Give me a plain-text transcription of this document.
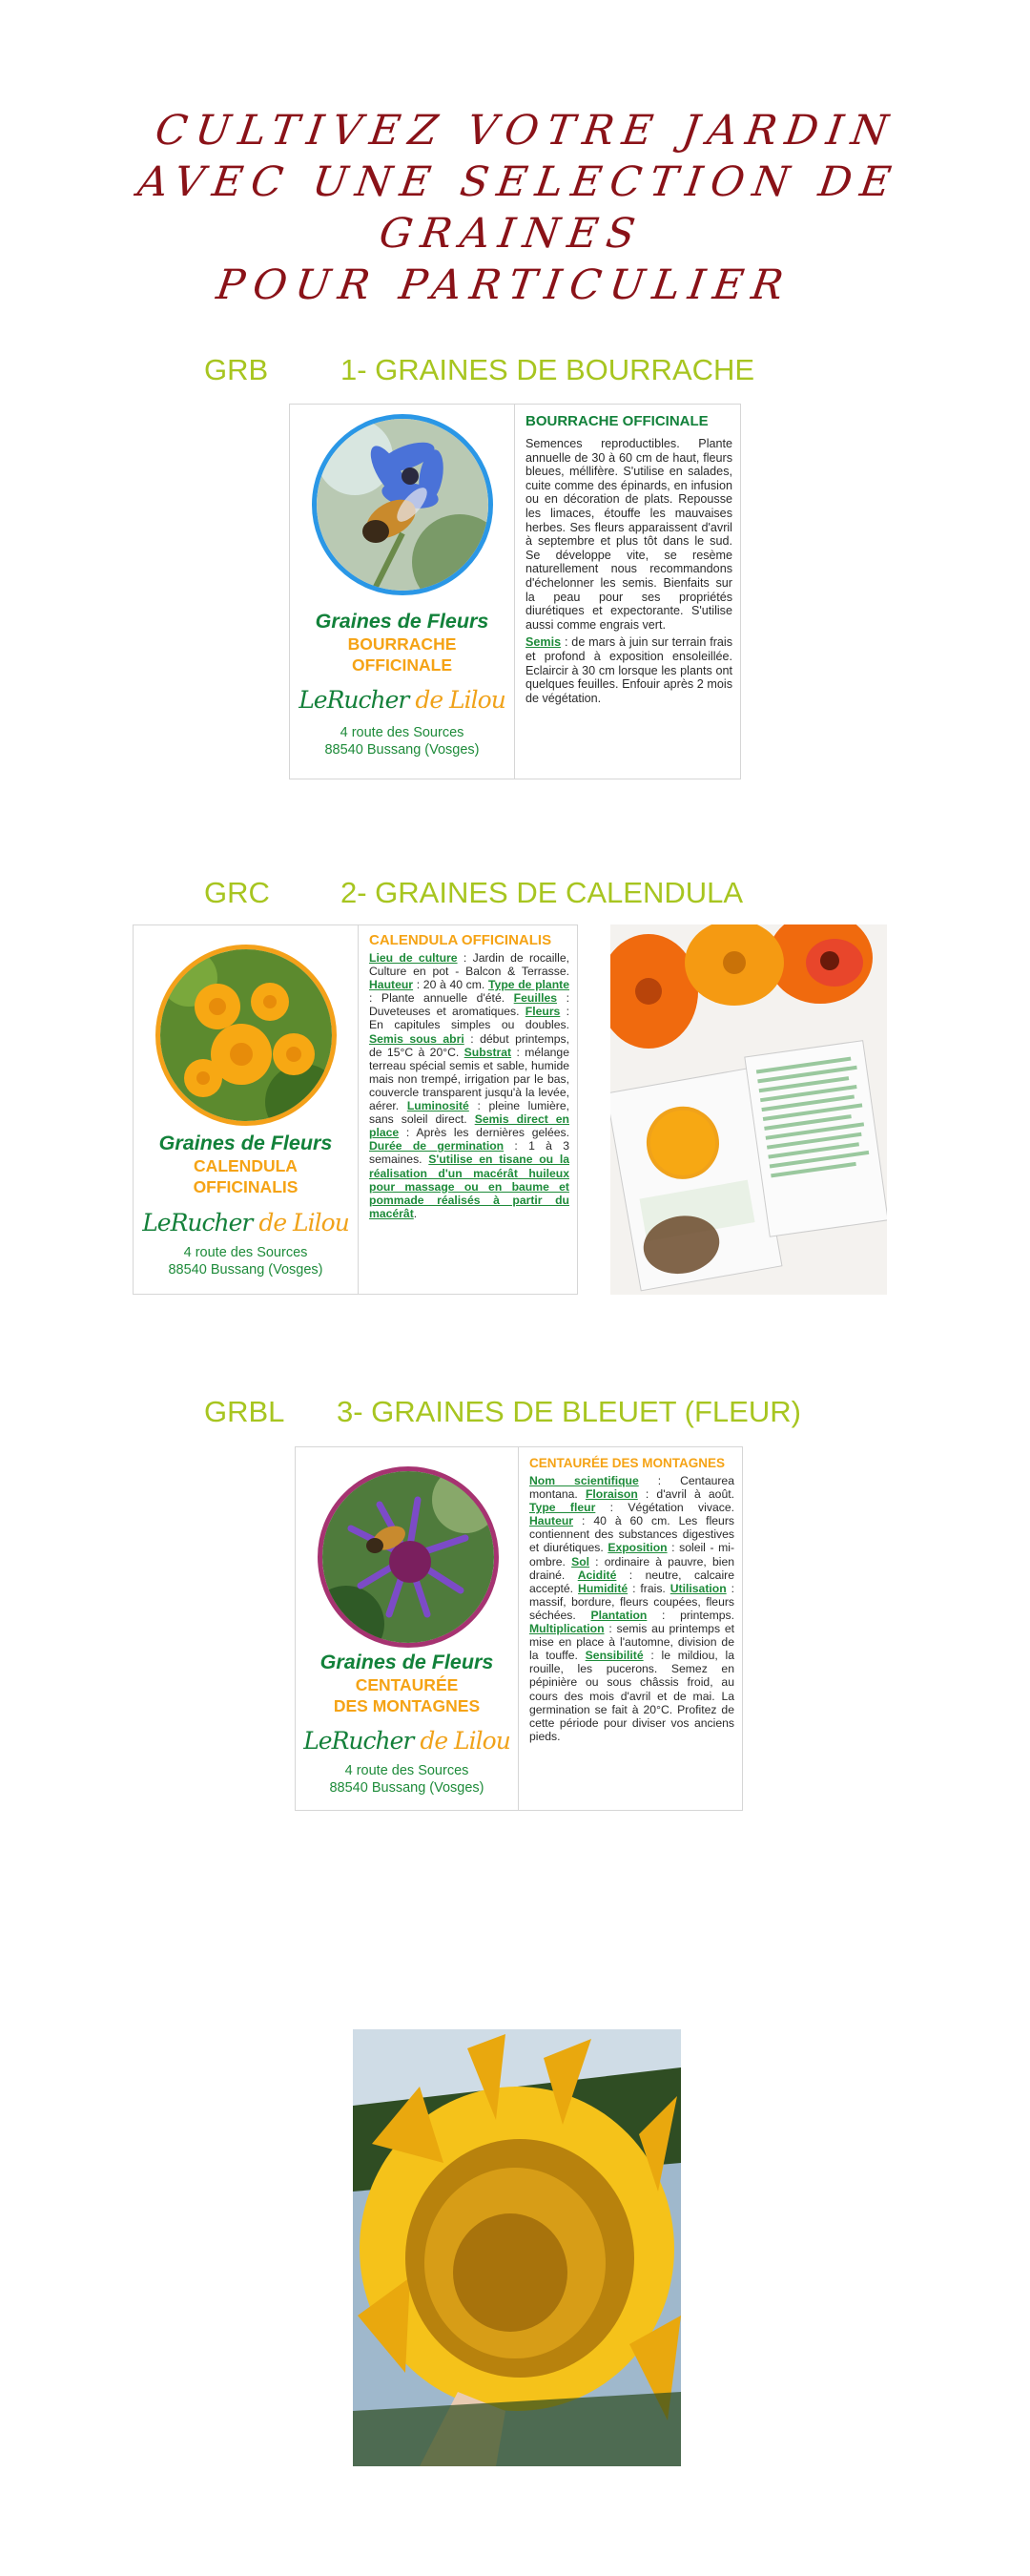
CULTIVEZ VOTRE JARDIN
AVEC UNE SELECTION DE GRAINES
POUR PARTICULIER
GRB 1- GRAINES DE BOURRACHE
Graines de Fleurs
BOURRACHE
OFFICINALE
LeRucher de Lilou
4 route des Sources
88540 Bussang (Vosges)
BOURRACHE OFFICINALE
Semences reproductibles. Plante annuelle de 30 à 60 cm de haut, fleurs bleues, méllifère. S'utilise en salades, cuite comme des épinards, en infusion ou en décoration de plats. Repousse les limaces, étouffe les mauvaises herbes. Ses fleurs apparaissent d'avril à septembre et plus tôt dans le sud. Se développe vite, se resème naturellement nous recommandons d'échelonner les semis. Bienfaits sur la peau pour ses propriétés diurétiques et expectorante. S'utilise aussi comme engrais vert.
Semis : de mars à juin sur terrain frais et profond à exposition ensoleillée. Eclaircir à 30 cm lorsque les plants ont quelques feuilles. Enfouir après 2 mois de végétation.
GRC 2- GRAINES DE CALENDULA
Graines de Fleurs
CALENDULA
OFFICINALIS
LeRucher de Lilou
4 route des Sources
88540 Bussang (Vosges)
CALENDULA OFFICINALIS
Lieu de culture : Jardin de rocaille, Culture en pot - Balcon & Terrasse. Hauteur : 20 à 40 cm. Type de plante : Plante annuelle d'été. Feuilles : Duveteuses et aromatiques. Fleurs : En capitules simples ou doubles. Semis sous abri : début printemps, de 15°C à 20°C. Substrat : mélange terreau spécial semis et sable, humide mais non trempé, irrigation par le bas, couvercle transparent jusqu'à la levée, aérer. Luminosité : pleine lumière, sans soleil direct. Semis direct en place : Après les dernières gelées. Durée de germination : 1 à 3 semaines. S'utilise en tisane ou la réalisation d'un macérât huileux pour massage ou en baume et pommade réalisés à partir du macérât.
GRBL 3- GRAINES DE BLEUET (FLEUR)
Graines de Fleurs
CENTAURÉE
DES MONTAGNES
LeRucher de Lilou
4 route des Sources
88540 Bussang (Vosges)
CENTAURÉE DES MONTAGNES
Nom scientifique : Centaurea montana. Floraison : d'avril à août. Type fleur : Végétation vivace. Hauteur : 40 à 60 cm. Les fleurs contiennent des substances digestives et diurétiques. Exposition : soleil - mi-ombre. Sol : ordinaire à pauvre, bien drainé. Acidité : neutre, calcaire accepté. Humidité : frais. Utilisation : massif, bordure, fleurs coupées, fleurs séchées. Plantation : printemps. Multiplication : semis au printemps et mise en place à l'automne, division de la touffe. Sensibilité : le mildiou, la rouille, les pucerons. Semez en pépinière ou sous châssis froid, au cours des mois d'avril et de mai. La germination se fait à 20°C. Profitez de cette période pour diviser vos anciens pieds.
